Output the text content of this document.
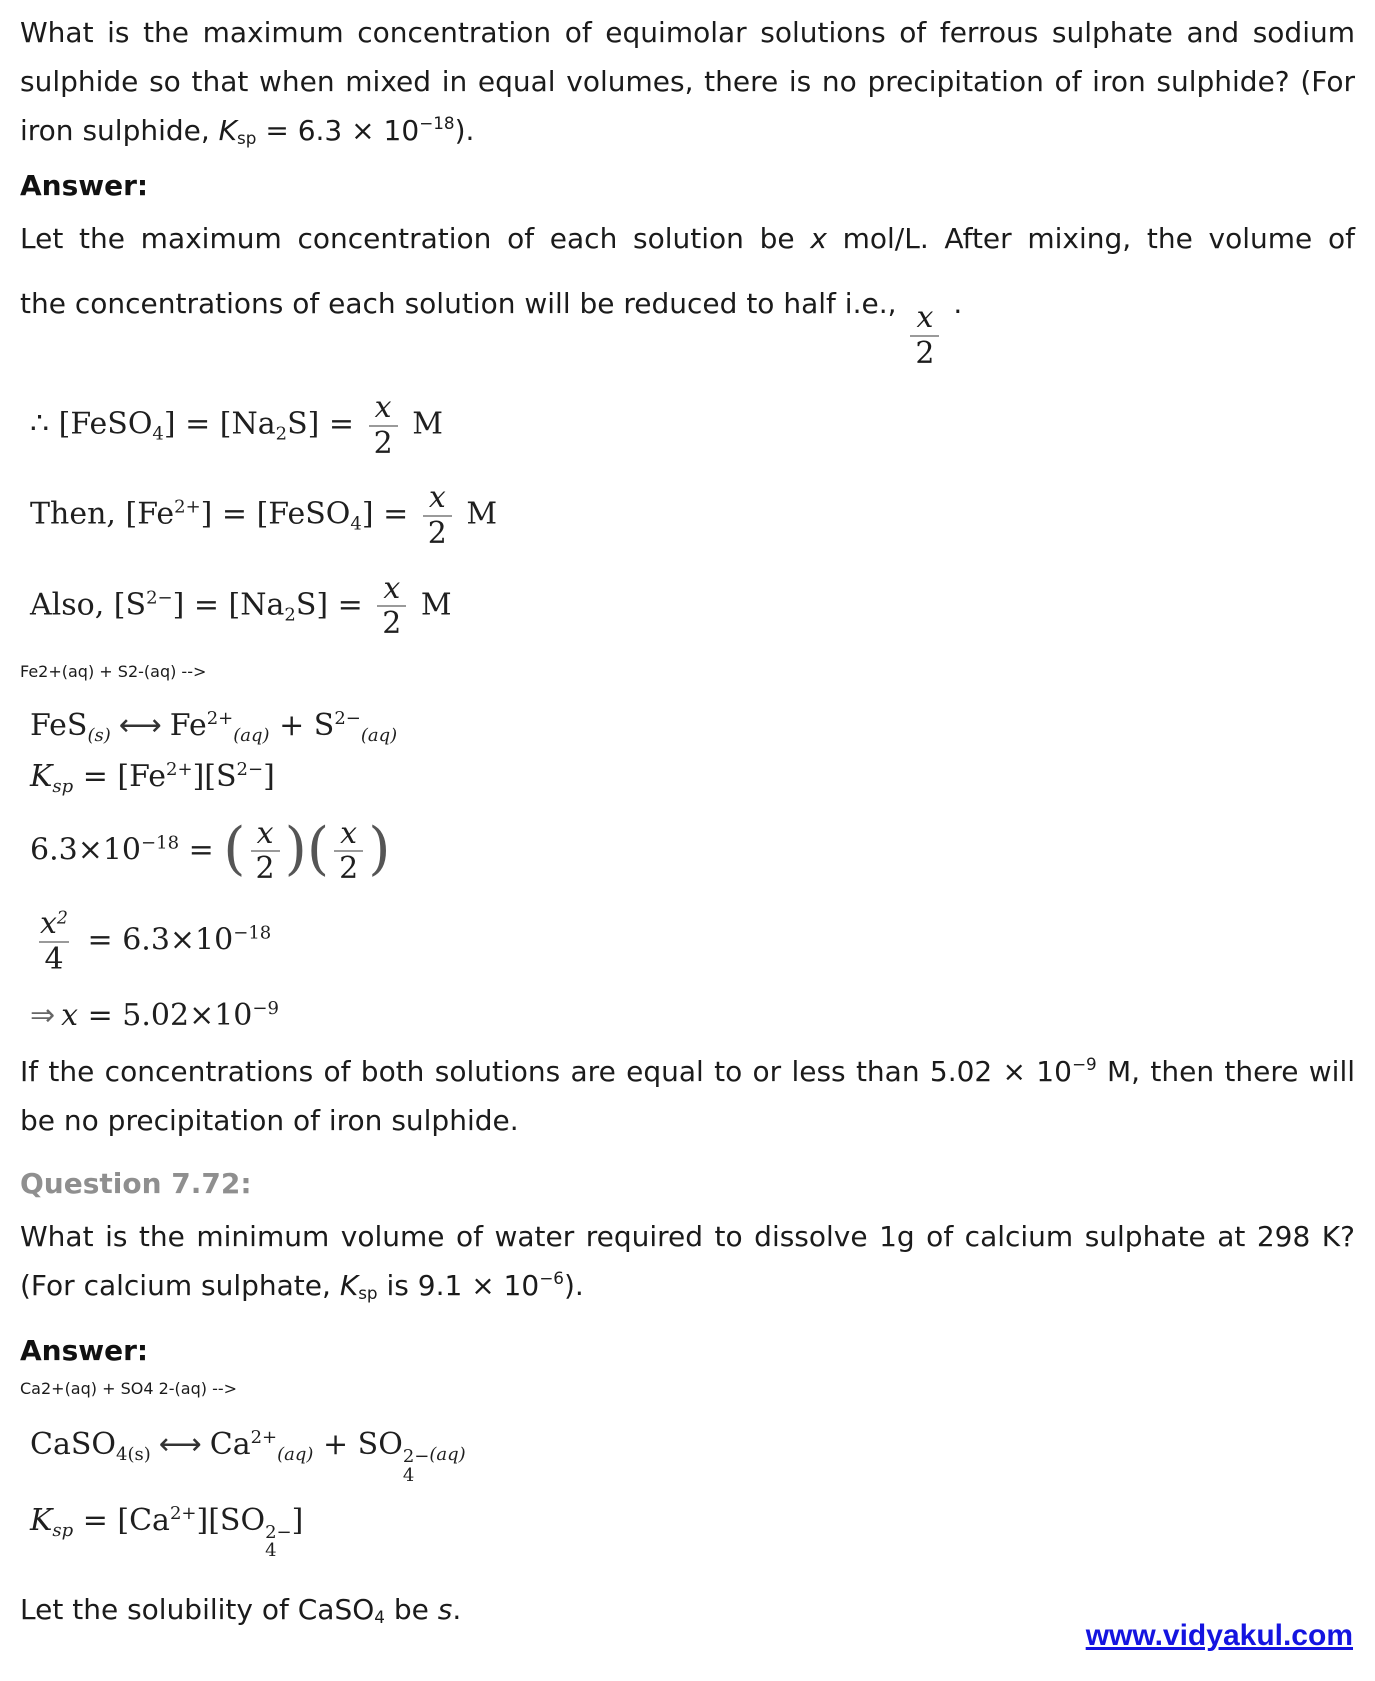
What is the maximum concentration of equimolar solutions of ferrous sulphate and sodium sulphide so that when mixed in equal volumes, there is no precipitation of iron sulphide? (For iron sulphide, $K_{sp} = 6.3 \times 10^{-18}$).

Answer:

Let the maximum concentration of each solution be x mol/L. After mixing, the volume of

the concentrations of each solution will be reduced to half i.e., $\frac{x}{2}$ .

∴ [FeSO$_4$] = $[Na_2S] = \frac{x}{2}$ M
Then, $[Fe^{2+}]$ = [FeSO$_4$] = $\frac{x}{2}$ M
Also, $[S^{2-}] = [Na_2S] = \frac{x}{2}$ M
Fe2+(aq) + S2-(aq) -->
FeS$_{(s)}$ ⟷ $Fe^{2+}_{(aq)} + S^{2-}_{(aq)}$
$K_{sp} = [Fe^{2+}][S^{2-}]$
$6.3\times 10^{-18}$ = ( $\frac{x}{2}$ )( $\frac{x}{2}$ )
$\frac{x^2}{4} = 6.3\times 10^{-18}$
⇒ $x = 5.02\times 10^{-9}$

If the concentrations of both solutions are equal to or less than $5.02 \times 10^{-9}$ M, then there will be no precipitation of iron sulphide.

Question 7.72:

What is the minimum volume of water required to dissolve 1g of calcium sulphate at 298 K? (For calcium sulphate, $K_{sp}$ is $9.1 \times 10^{-6}$).

Answer:

Ca2+(aq) + SO4 2-(aq) -->
CaSO$_{4(s)}$ ⟷ $Ca^{2+}_{(aq)}$ + SO 2−
4
$_{(aq)}$
$K_{sp} = [Ca^{2+}][SO$ 2−
4
]

Let the solubility of CaSO$_4$ be s.

www.vidyakul.com
